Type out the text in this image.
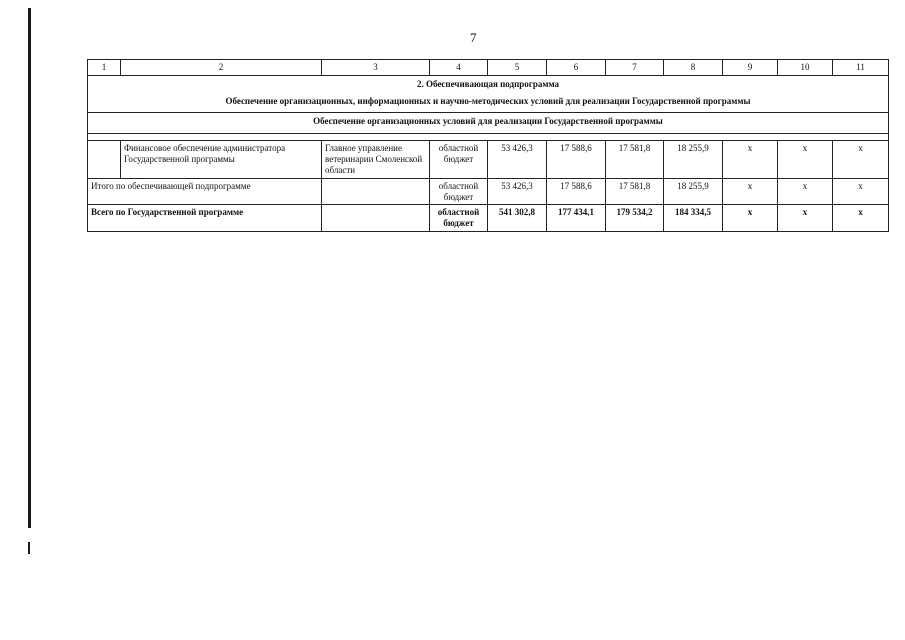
7
1	2	3	4	5	6	7	8	9	10	11

2. Обеспечивающая подпрограмма
Обеспечение организационных, информационных и научно-методических условий для реализации Государственной программы										

Обеспечение организационных условий для реализации Государственной программы										

	Финансовое обеспечение администратора Государственной программы	Главное управление ветеринарии Смоленской области	областной бюджет	53 426,3	17 588,6	17 581,8	18 255,9	х	х	х
Итого по обеспечивающей подпрограмме			областной бюджет	53 426,3	17 588,6	17 581,8	18 255,9	х	х	х
Всего по Государственной программе			областной бюджет	541 302,8	177 434,1	179 534,2	184 334,5	х	х	х
